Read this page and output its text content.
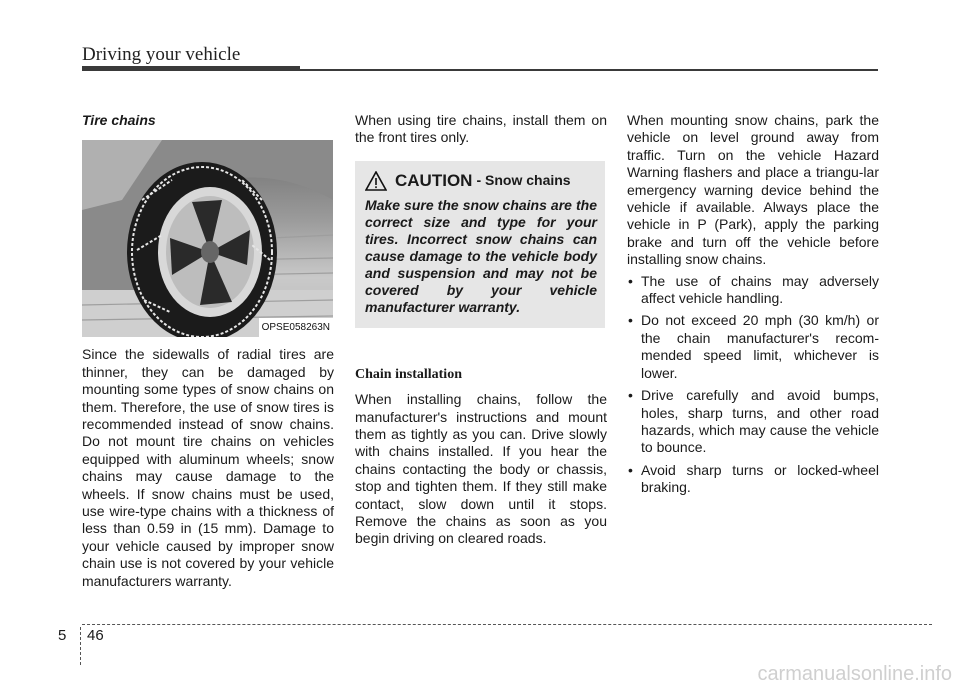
Driving your vehicle
Tire chains
OPSE058263N

Since the sidewalls of radial tires are thinner, they can be damaged by mounting some types of snow chains on them. Therefore, the use of snow tires is recommended instead of snow chains. Do not mount tire chains on vehicles equipped with aluminum wheels; snow chains may cause damage to the wheels. If snow chains must be used, use wire-type chains with a thickness of less than 0.59 in (15 mm). Damage to your vehicle caused by improper snow chain use is not covered by your vehicle manufacturers warranty.

When using tire chains, install them on the front tires only.

CAUTION - Snow chains

Make sure the snow chains are the correct size and type for your tires. Incorrect snow chains can cause damage to the vehicle body and suspension and may not be covered by your vehicle manufacturer warranty.

Chain installation

When installing chains, follow the manufacturer's instructions and mount them as tightly as you can. Drive slowly with chains installed. If you hear the chains contacting the body or chassis, stop and tighten them. If they still make contact, slow down until it stops. Remove the chains as soon as you begin driving on cleared roads.

When mounting snow chains, park the vehicle on level ground away from traffic. Turn on the vehicle Hazard Warning flashers and place a triangu-lar emergency warning device behind the vehicle if available. Always place the vehicle in P (Park), apply the parking brake and turn off the vehicle before installing snow chains.

• The use of chains may adversely affect vehicle handling.
• Do not exceed 20 mph (30 km/h) or the chain manufacturer's recom-mended speed limit, whichever is lower.
• Drive carefully and avoid bumps, holes, sharp turns, and other road hazards, which may cause the vehicle to bounce.
• Avoid sharp turns or locked-wheel braking.
5 46
carmanualsonline.info
